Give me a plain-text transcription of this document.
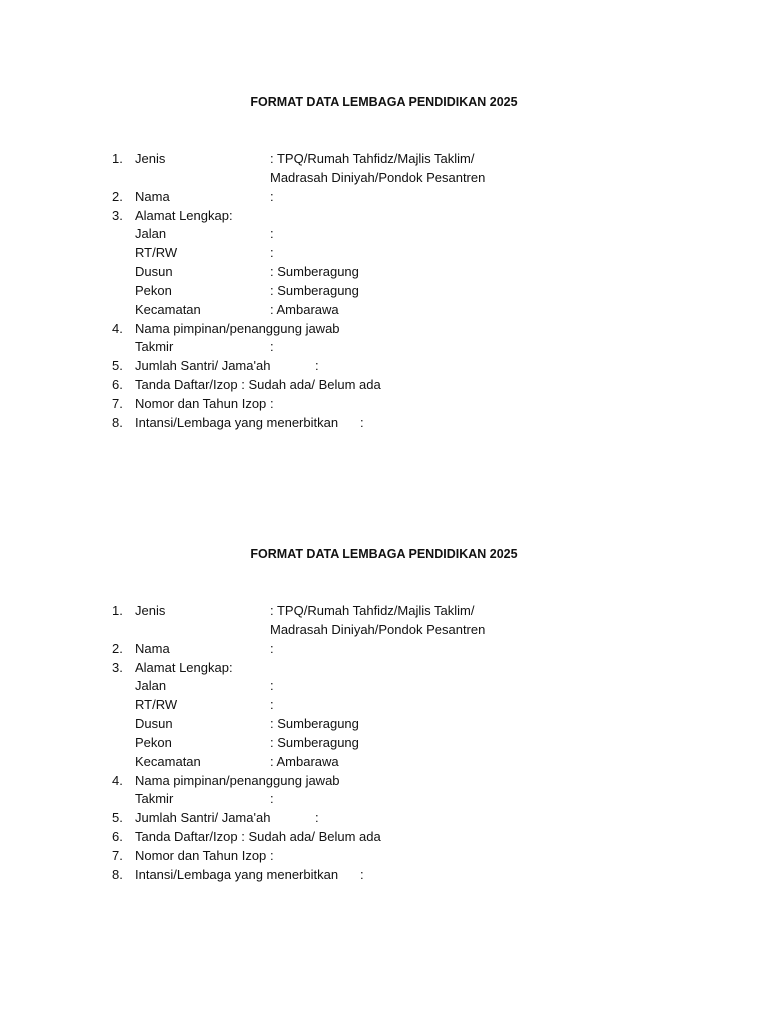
FORMAT DATA LEMBAGA PENDIDIKAN 2025
1. Jenis	: TPQ/Rumah Tahfidz/Majlis Taklim/
Madrasah Diniyah/Pondok Pesantren
2. Nama	:
3. Alamat Lengkap:
Jalan	:
RT/RW	:
Dusun	: Sumberagung
Pekon	: Sumberagung
Kecamatan	: Ambarawa
4. Nama pimpinan/penanggung jawab
Takmir	:
5. Jumlah Santri/ Jama'ah	:
6. Tanda Daftar/Izop : Sudah ada/ Belum ada
7. Nomor dan Tahun Izop :
8. Intansi/Lembaga yang menerbitkan :
FORMAT DATA LEMBAGA PENDIDIKAN 2025
1. Jenis	: TPQ/Rumah Tahfidz/Majlis Taklim/
Madrasah Diniyah/Pondok Pesantren
2. Nama	:
3. Alamat Lengkap:
Jalan	:
RT/RW	:
Dusun	: Sumberagung
Pekon	: Sumberagung
Kecamatan	: Ambarawa
4. Nama pimpinan/penanggung jawab
Takmir	:
5. Jumlah Santri/ Jama'ah	:
6. Tanda Daftar/Izop : Sudah ada/ Belum ada
7. Nomor dan Tahun Izop :
8. Intansi/Lembaga yang menerbitkan :
